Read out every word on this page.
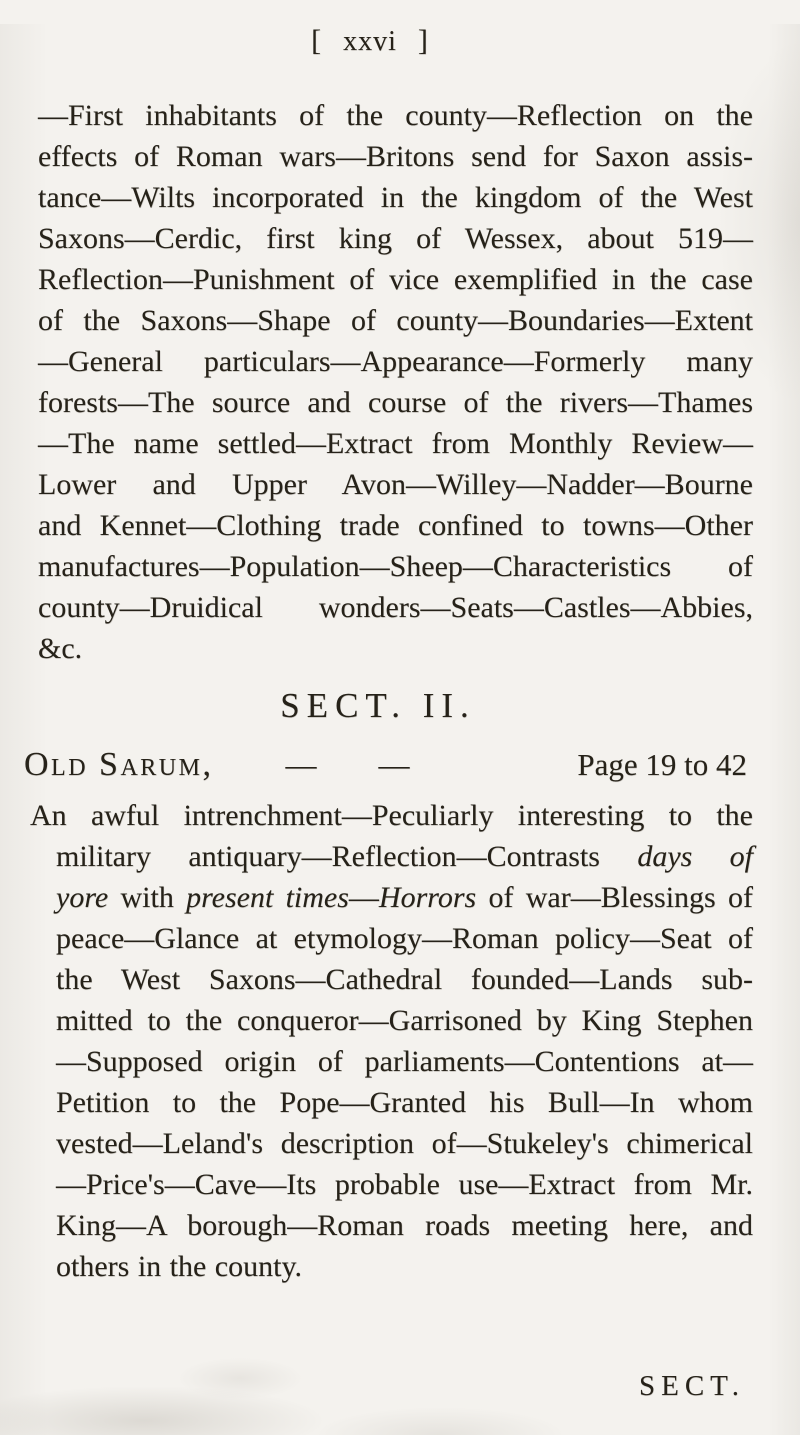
[ xxvi ]
—First inhabitants of the county—Reflection on the
effects of Roman wars—Britons send for Saxon assis-
tance—Wilts incorporated in the kingdom of the West
Saxons—Cerdic, first king of Wessex, about 519—
Reflection—Punishment of vice exemplified in the case
of the Saxons—Shape of county—Boundaries—Extent
—General particulars—Appearance—Formerly many
forests—The source and course of the rivers—Thames
—The name settled—Extract from Monthly Review—
Lower and Upper Avon—Willey—Nadder—Bourne
and Kennet—Clothing trade confined to towns—Other
manufactures—Population—Sheep—Characteristics of
county—Druidical wonders—Seats—Castles—Abbies,
&c.
SECT. II.
Old Sarum, — —	Page 19 to 42
An awful intrenchment—Peculiarly interesting to the
military antiquary—Reflection—Contrasts days of
yore with present times—Horrors of war—Blessings of
peace—Glance at etymology—Roman policy—Seat of
the West Saxons—Cathedral founded—Lands sub-
mitted to the conqueror—Garrisoned by King Stephen
—Supposed origin of parliaments—Contentions at—
Petition to the Pope—Granted his Bull—In whom
vested—Leland's description of—Stukeley's chimerical
—Price's—Cave—Its probable use—Extract from Mr.
King—A borough—Roman roads meeting here, and
others in the county.
SECT.
